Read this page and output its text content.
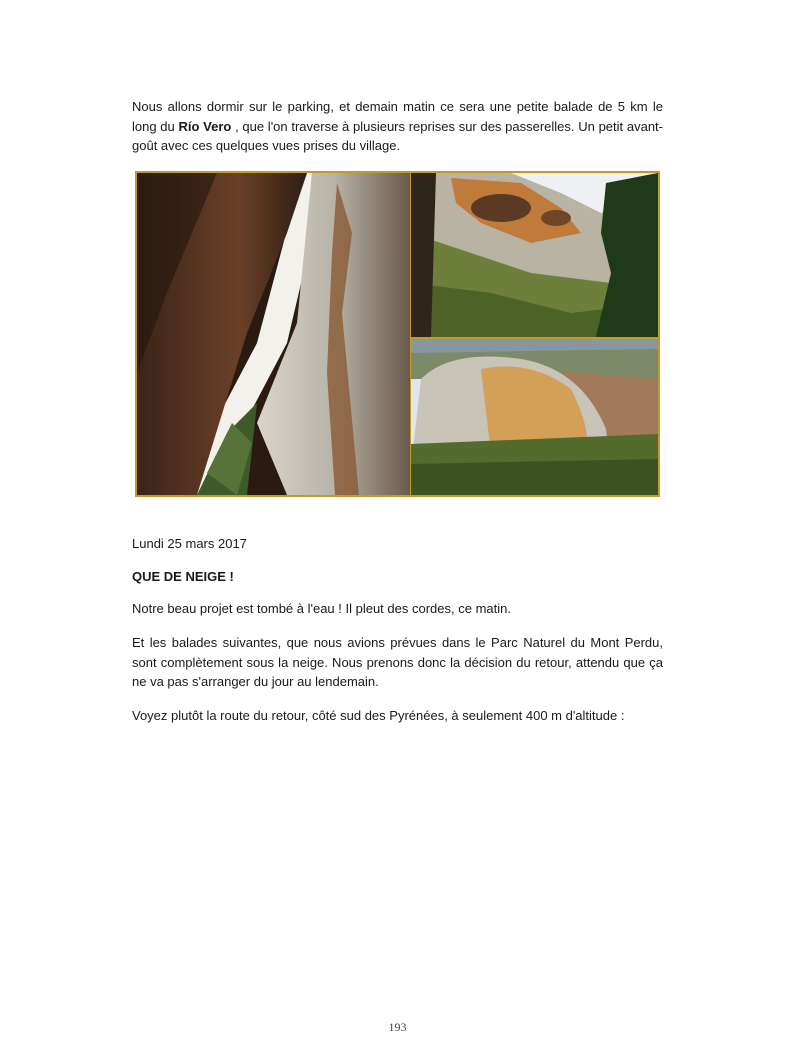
Nous allons dormir sur le parking, et demain matin ce sera une petite balade de 5 km le long du Río Vero , que l'on traverse à plusieurs reprises sur des passerelles. Un petit avant-goût avec ces quelques vues prises du village.

Lundi 25 mars 2017

QUE DE NEIGE !

Notre beau projet est tombé à l'eau ! Il pleut des cordes, ce matin.

Et les balades suivantes, que nous avions prévues dans le Parc Naturel du Mont Perdu, sont complètement sous la neige. Nous prenons donc la décision du retour, attendu que ça ne va pas s'arranger du jour au lendemain.

Voyez plutôt la route du retour, côté sud des Pyrénées, à seulement 400 m d'altitude :

193
